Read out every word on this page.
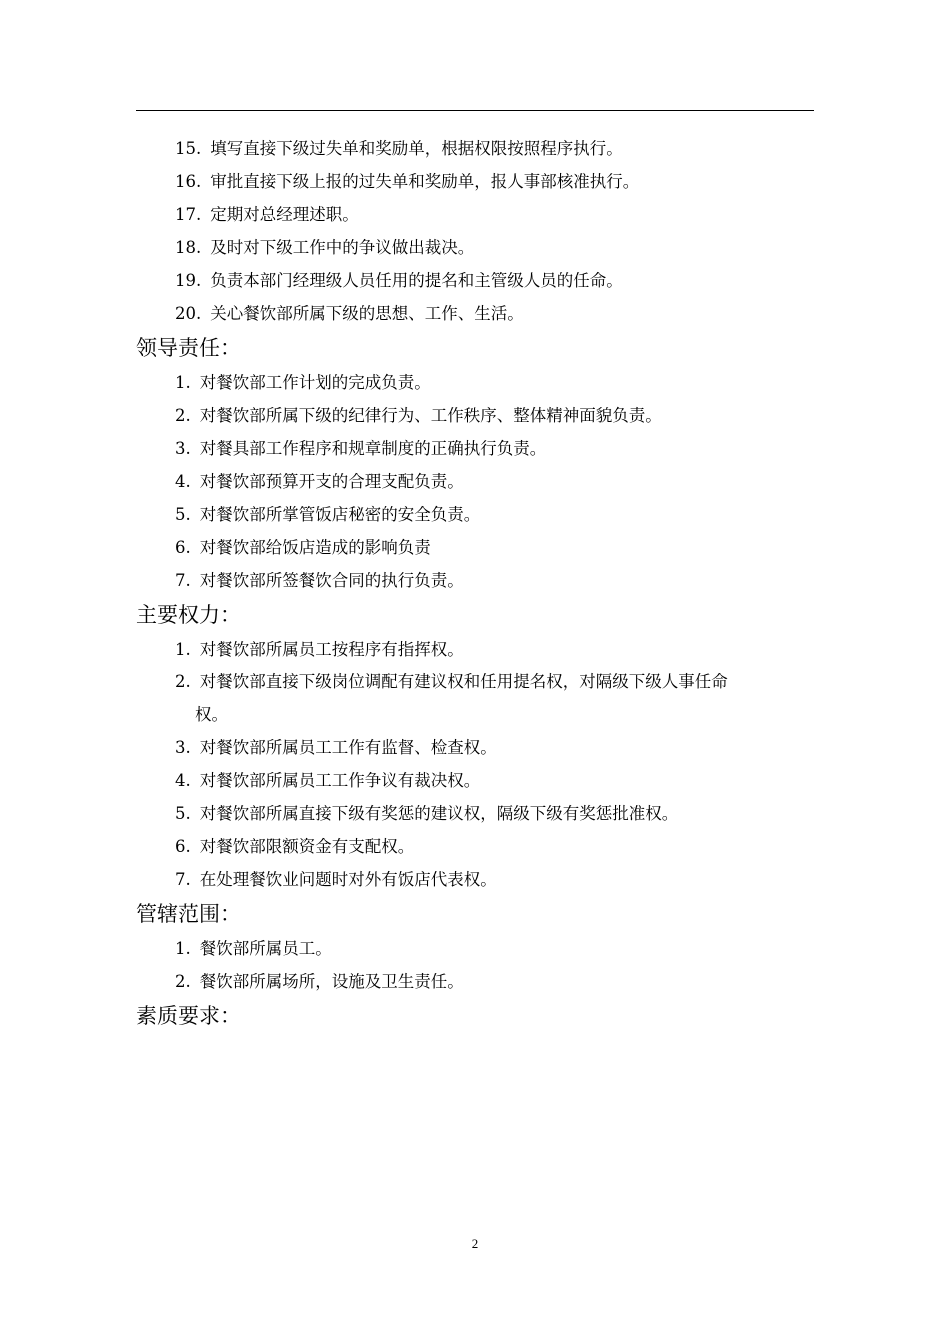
15. 填写直接下级过失单和奖励单，根据权限按照程序执行。
16. 审批直接下级上报的过失单和奖励单，报人事部核准执行。
17. 定期对总经理述职。
18. 及时对下级工作中的争议做出裁决。
19. 负责本部门经理级人员任用的提名和主管级人员的任命。
20. 关心餐饮部所属下级的思想、工作、生活。
领导责任：
1. 对餐饮部工作计划的完成负责。
2. 对餐饮部所属下级的纪律行为、工作秩序、整体精神面貌负责。
3. 对餐具部工作程序和规章制度的正确执行负责。
4. 对餐饮部预算开支的合理支配负责。
5. 对餐饮部所掌管饭店秘密的安全负责。
6. 对餐饮部给饭店造成的影响负责
7. 对餐饮部所签餐饮合同的执行负责。
主要权力：
1. 对餐饮部所属员工按程序有指挥权。
2. 对餐饮部直接下级岗位调配有建议权和任用提名权，对隔级下级人事任命
权。
3. 对餐饮部所属员工工作有监督、检查权。
4. 对餐饮部所属员工工作争议有裁决权。
5. 对餐饮部所属直接下级有奖惩的建议权，隔级下级有奖惩批准权。
6. 对餐饮部限额资金有支配权。
7. 在处理餐饮业问题时对外有饭店代表权。
管辖范围：
1. 餐饮部所属员工。
2. 餐饮部所属场所，设施及卫生责任。
素质要求：
2
